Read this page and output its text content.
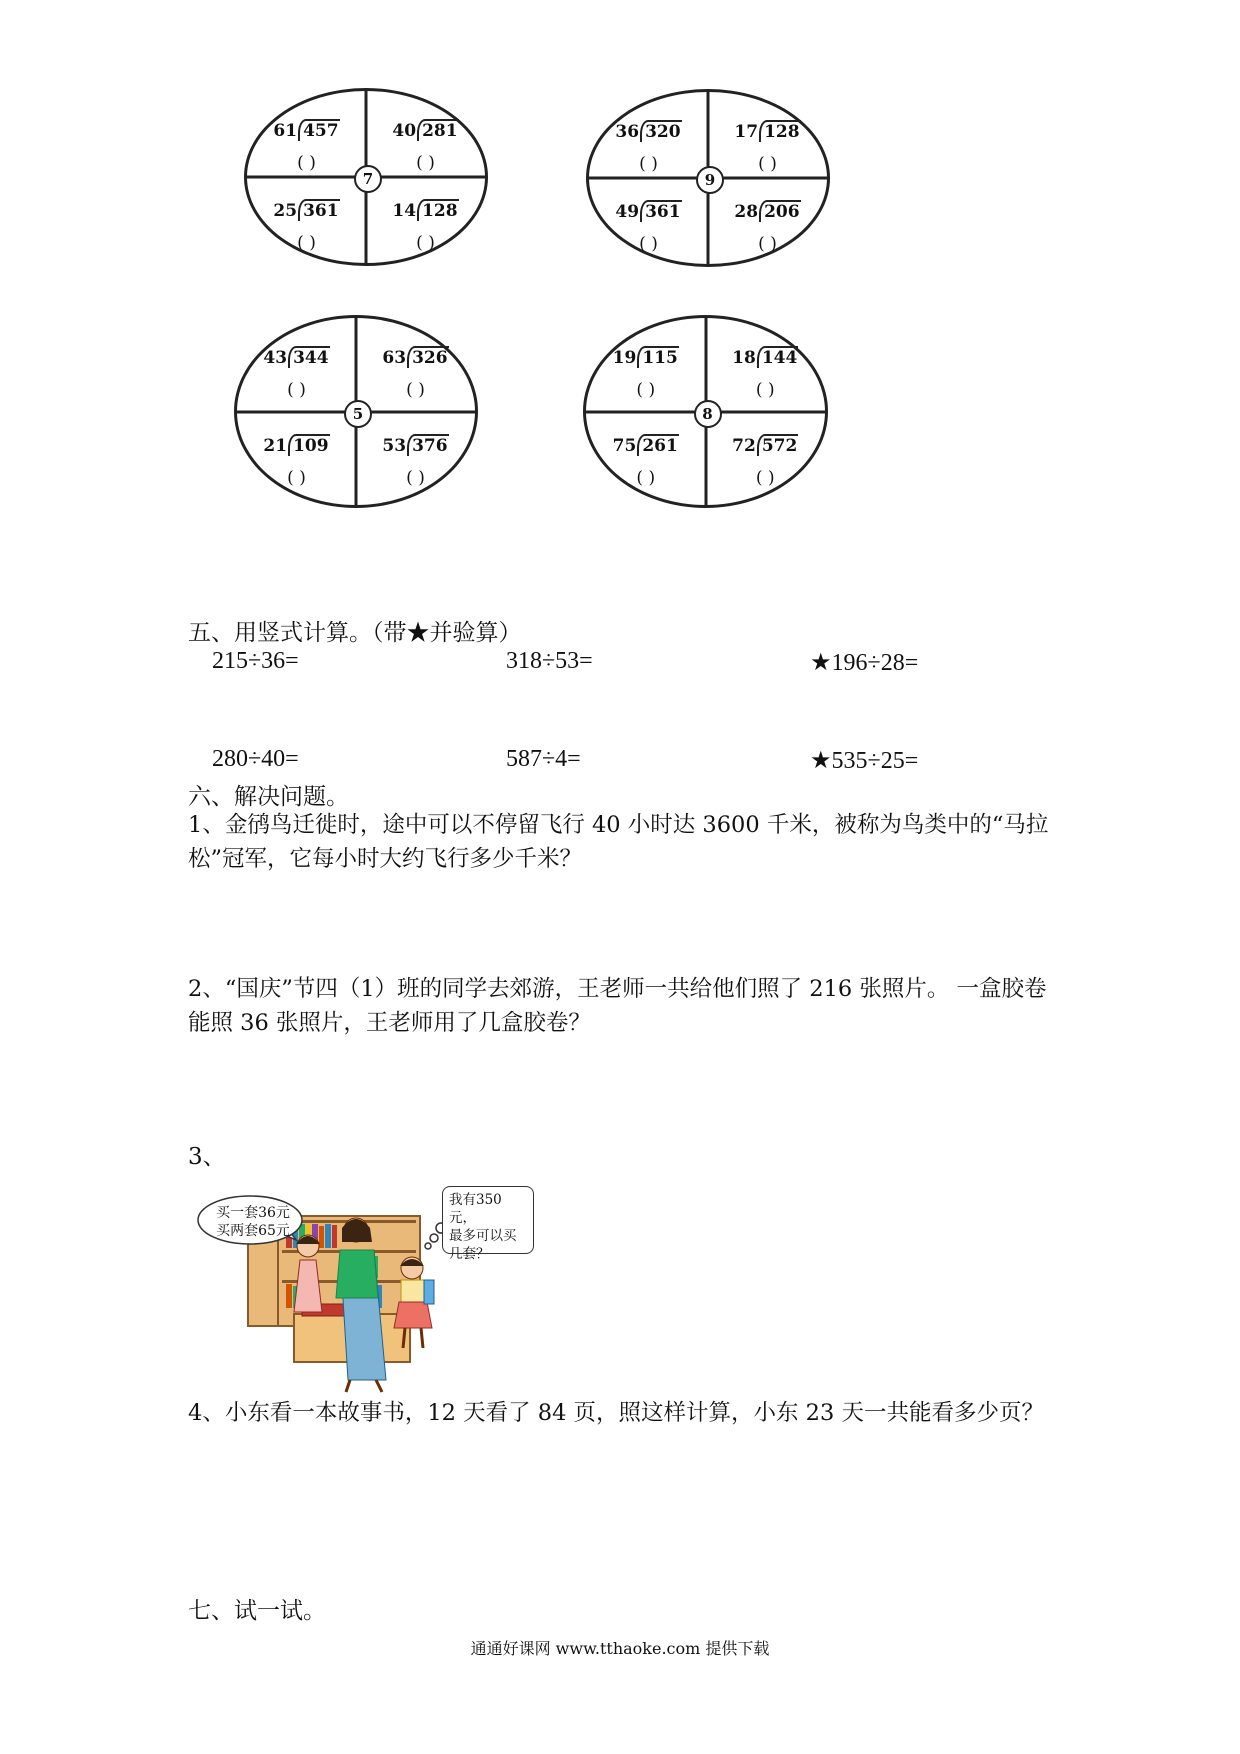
61 457
( )
40 281
( )
25 361
( )
14 128
( )
7
36 320
( )
17 128
( )
49 361
( )
28 206
( )
9
43 344
( )
63 326
( )
21 109
( )
53 376
( )
5
19 115
( )
18 144
( )
75 261
( )
72 572
( )
8
五、用竖式计算。（带★并验算）
215÷36=	318÷53=	★196÷28=
280÷40=	587÷4=	★535÷25=
六、解决问题。
1、金鸻鸟迁徙时，途中可以不停留飞行 40 小时达 3600 千米，被称为鸟类中的“马拉松”冠军，它每小时大约飞行多少千米？
2、“国庆”节四（1）班的同学去郊游，王老师一共给他们照了 216 张照片。 一盒胶卷能照 36 张照片，王老师用了几盒胶卷？
3、
买一套36元
买两套65元
我有350元，
最多可以买
几套？
4、小东看一本故事书，12 天看了 84 页，照这样计算，小东 23 天一共能看多少页？
七、试一试。
通通好课网 www.tthaoke.com 提供下载
